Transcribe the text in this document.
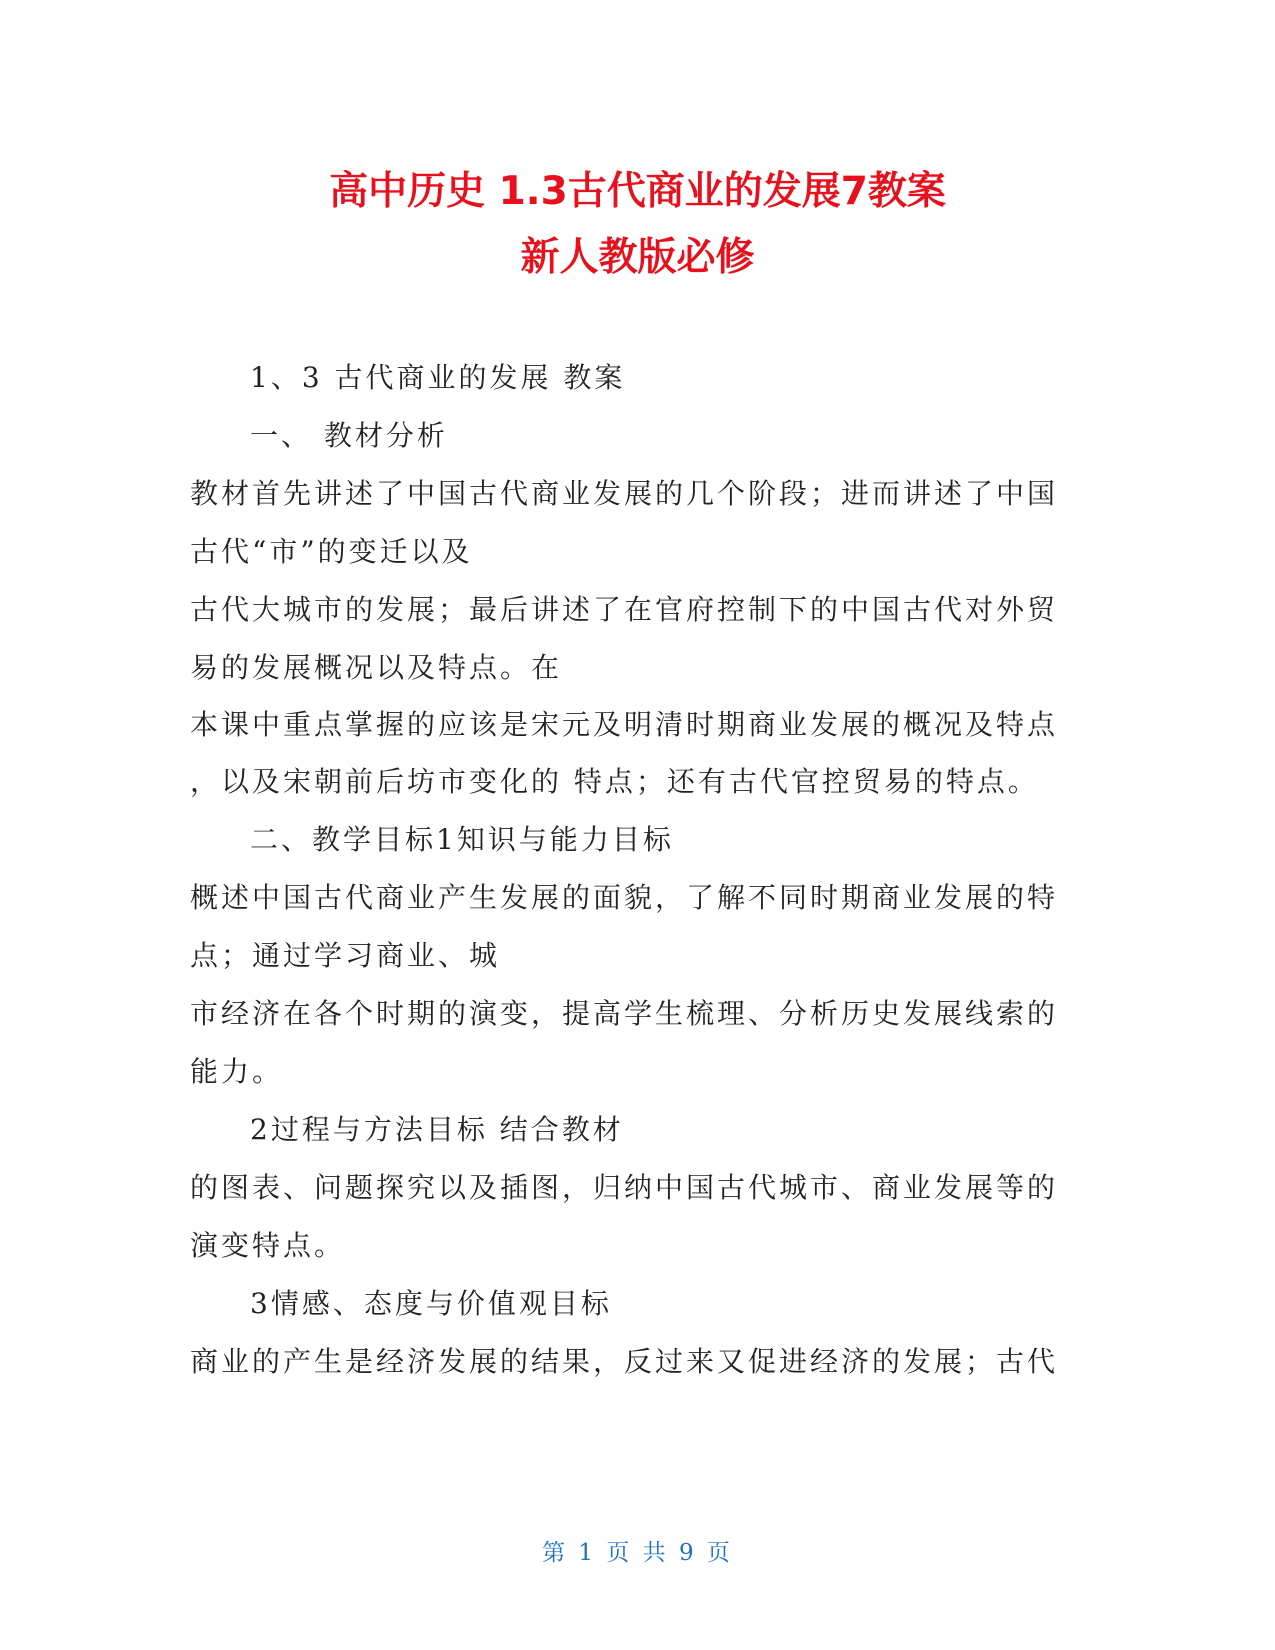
高中历史 1.3古代商业的发展7教案
新人教版必修

1、3 古代商业的发展 教案

一、 教材分析

教材首先讲述了中国古代商业发展的几个阶段；进而讲述了中国

古代“市”的变迁以及

古代大城市的发展；最后讲述了在官府控制下的中国古代对外贸

易的发展概况以及特点。在

本课中重点掌握的应该是宋元及明清时期商业发展的概况及特点

，以及宋朝前后坊市变化的 特点；还有古代官控贸易的特点。

二、教学目标1知识与能力目标

概述中国古代商业产生发展的面貌，了解不同时期商业发展的特

点；通过学习商业、城

市经济在各个时期的演变，提高学生梳理、分析历史发展线索的

能力。

2过程与方法目标 结合教材

的图表、问题探究以及插图，归纳中国古代城市、商业发展等的

演变特点。

3情感、态度与价值观目标

商业的产生是经济发展的结果，反过来又促进经济的发展；古代

第 1 页 共 9 页
